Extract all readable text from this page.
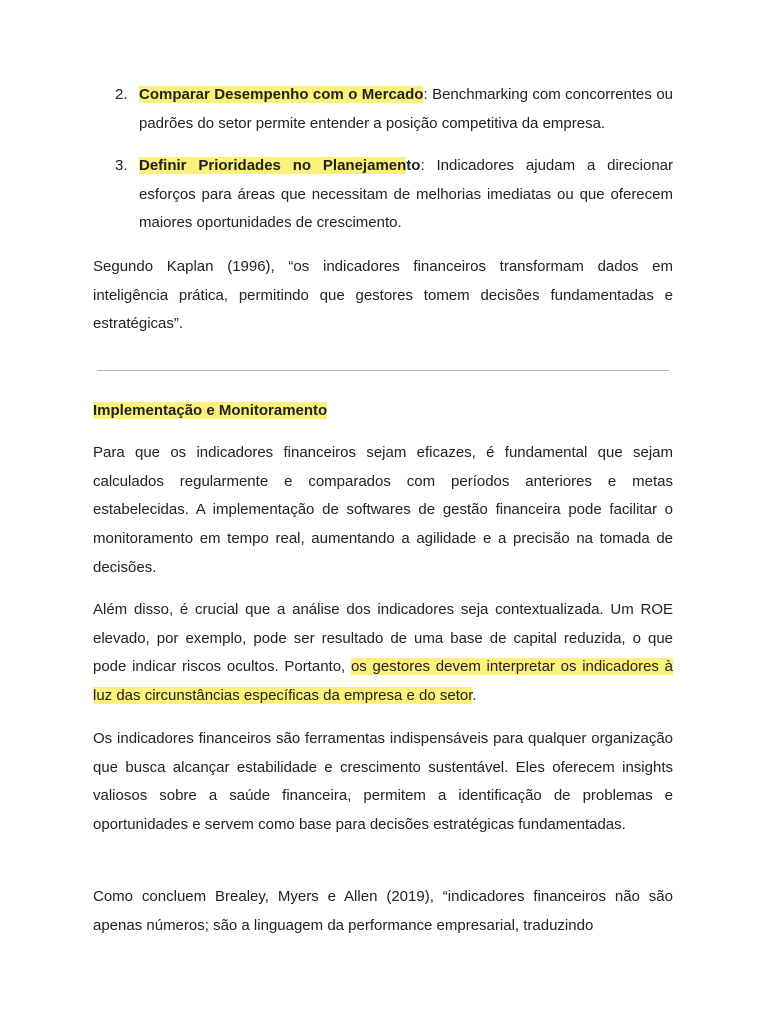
2. Comparar Desempenho com o Mercado: Benchmarking com concorrentes ou padrões do setor permite entender a posição competitiva da empresa.
3. Definir Prioridades no Planejamento: Indicadores ajudam a direcionar esforços para áreas que necessitam de melhorias imediatas ou que oferecem maiores oportunidades de crescimento.

Segundo Kaplan (1996), “os indicadores financeiros transformam dados em inteligência prática, permitindo que gestores tomem decisões fundamentadas e estratégicas”.

Implementação e Monitoramento

Para que os indicadores financeiros sejam eficazes, é fundamental que sejam calculados regularmente e comparados com períodos anteriores e metas estabelecidas. A implementação de softwares de gestão financeira pode facilitar o monitoramento em tempo real, aumentando a agilidade e a precisão na tomada de decisões.

Além disso, é crucial que a análise dos indicadores seja contextualizada. Um ROE elevado, por exemplo, pode ser resultado de uma base de capital reduzida, o que pode indicar riscos ocultos. Portanto, os gestores devem interpretar os indicadores à luz das circunstâncias específicas da empresa e do setor.

Os indicadores financeiros são ferramentas indispensáveis para qualquer organização que busca alcançar estabilidade e crescimento sustentável. Eles oferecem insights valiosos sobre a saúde financeira, permitem a identificação de problemas e oportunidades e servem como base para decisões estratégicas fundamentadas.

Como concluem Brealey, Myers e Allen (2019), “indicadores financeiros não são apenas números; são a linguagem da performance empresarial, traduzindo
